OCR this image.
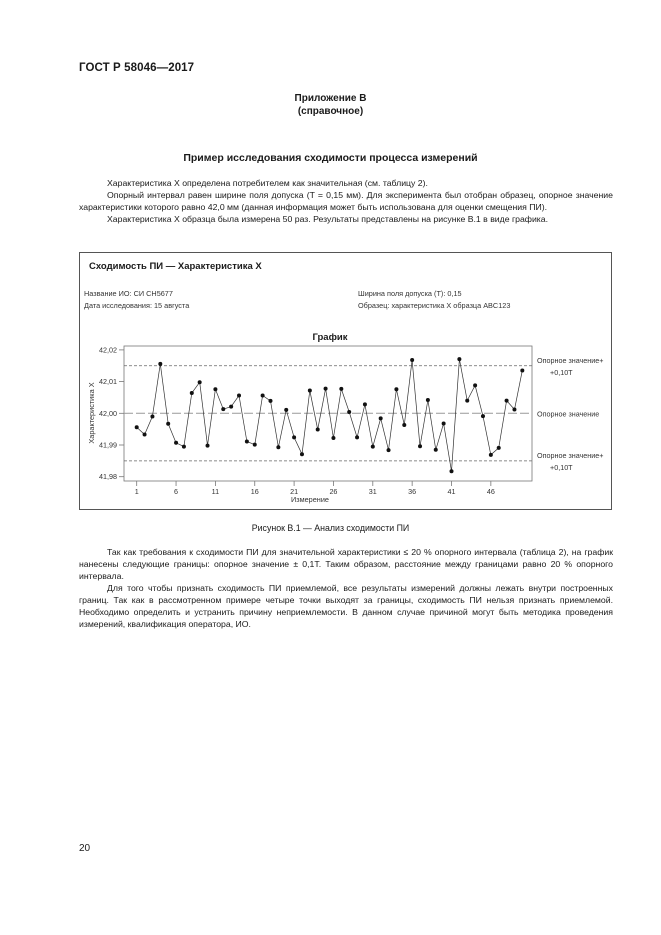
ГОСТ Р 58046—2017
Приложение В
(справочное)
Пример исследования сходимости процесса измерений

Характеристика X определена потребителем как значительная (см. таблицу 2).

Опорный интервал равен ширине поля допуска (T = 0,15 мм). Для эксперимента был отобран образец, опорное значение характеристики которого равно 42,0 мм (данная информация может быть использована для оценки смещения ПИ).

Характеристика X образца была измерена 50 раз. Результаты представлены на рисунке В.1 в виде графика.

Сходимость ПИ — Характеристика X
Название ИО: СИ СН5677
Дата исследования: 15 августа
Ширина поля допуска (T): 0,15
Образец: характеристика X образца ABC123
График
Опорное значение+
+0,10T
Опорное значение
Опорное значение+
+0,10T
41,98
41,99
42,00
42,01
42,02
1	6	11	16	21	26	31	36	41	46
Измерение
Характеристика X
Рисунок В.1 — Анализ сходимости ПИ

Так как требования к сходимости ПИ для значительной характеристики ≤ 20 % опорного интервала (таблица 2), на график нанесены следующие границы: опорное значение ± 0,1T. Таким образом, расстояние между границами равно 20 % опорного интервала.

Для того чтобы признать сходимость ПИ приемлемой, все результаты измерений должны лежать внутри построенных границ. Так как в рассмотренном примере четыре точки выходят за границы, сходимость ПИ нельзя признать приемлемой. Необходимо определить и устранить причину неприемлемости. В данном случае причиной могут быть методика проведения измерений, квалификация оператора, ИО.

20
